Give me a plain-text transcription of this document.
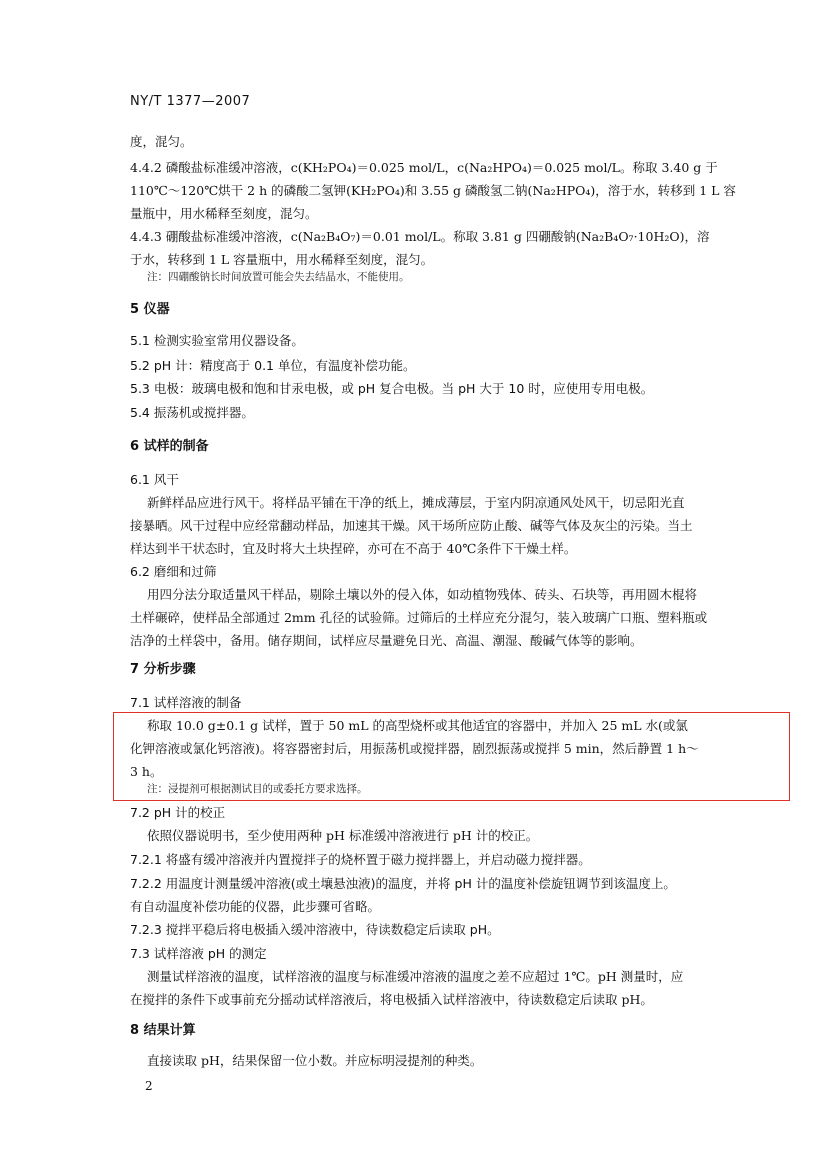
NY/T 1377—2007
度，混匀。
4.4.2 磷酸盐标准缓冲溶液，c(KH₂PO₄)＝0.025 mol/L，c(Na₂HPO₄)＝0.025 mol/L。称取 3.40 g 于
110℃～120℃烘干 2 h 的磷酸二氢钾(KH₂PO₄)和 3.55 g 磷酸氢二钠(Na₂HPO₄)，溶于水，转移到 1 L 容
量瓶中，用水稀释至刻度，混匀。
4.4.3 硼酸盐标准缓冲溶液，c(Na₂B₄O₇)＝0.01 mol/L。称取 3.81 g 四硼酸钠(Na₂B₄O₇·10H₂O)，溶
于水，转移到 1 L 容量瓶中，用水稀释至刻度，混匀。
注：四硼酸钠长时间放置可能会失去结晶水，不能使用。
5 仪器
5.1 检测实验室常用仪器设备。
5.2 pH 计：精度高于 0.1 单位，有温度补偿功能。
5.3 电极：玻璃电极和饱和甘汞电极，或 pH 复合电极。当 pH 大于 10 时，应使用专用电极。
5.4 振荡机或搅拌器。
6 试样的制备
6.1 风干
新鲜样品应进行风干。将样品平铺在干净的纸上，摊成薄层，于室内阴凉通风处风干，切忌阳光直
接暴晒。风干过程中应经常翻动样品，加速其干燥。风干场所应防止酸、碱等气体及灰尘的污染。当土
样达到半干状态时，宜及时将大土块捏碎，亦可在不高于 40℃条件下干燥土样。
6.2 磨细和过筛
用四分法分取适量风干样品，剔除土壤以外的侵入体，如动植物残体、砖头、石块等，再用圆木棍将
土样碾碎，使样品全部通过 2mm 孔径的试验筛。过筛后的土样应充分混匀，装入玻璃广口瓶、塑料瓶或
洁净的土样袋中，备用。储存期间，试样应尽量避免日光、高温、潮湿、酸碱气体等的影响。
7 分析步骤
7.1 试样溶液的制备
称取 10.0 g±0.1 g 试样，置于 50 mL 的高型烧杯或其他适宜的容器中，并加入 25 mL 水(或氯
化钾溶液或氯化钙溶液)。将容器密封后，用振荡机或搅拌器，剧烈振荡或搅拌 5 min，然后静置 1 h～
3 h。
注：浸提剂可根据测试目的或委托方要求选择。
7.2 pH 计的校正
依照仪器说明书，至少使用两种 pH 标准缓冲溶液进行 pH 计的校正。
7.2.1 将盛有缓冲溶液并内置搅拌子的烧杯置于磁力搅拌器上，并启动磁力搅拌器。
7.2.2 用温度计测量缓冲溶液(或土壤悬浊液)的温度，并将 pH 计的温度补偿旋钮调节到该温度上。
有自动温度补偿功能的仪器，此步骤可省略。
7.2.3 搅拌平稳后将电极插入缓冲溶液中，待读数稳定后读取 pH。
7.3 试样溶液 pH 的测定
测量试样溶液的温度，试样溶液的温度与标准缓冲溶液的温度之差不应超过 1℃。pH 测量时，应
在搅拌的条件下或事前充分摇动试样溶液后，将电极插入试样溶液中，待读数稳定后读取 pH。
8 结果计算
直接读取 pH，结果保留一位小数。并应标明浸提剂的种类。
2
